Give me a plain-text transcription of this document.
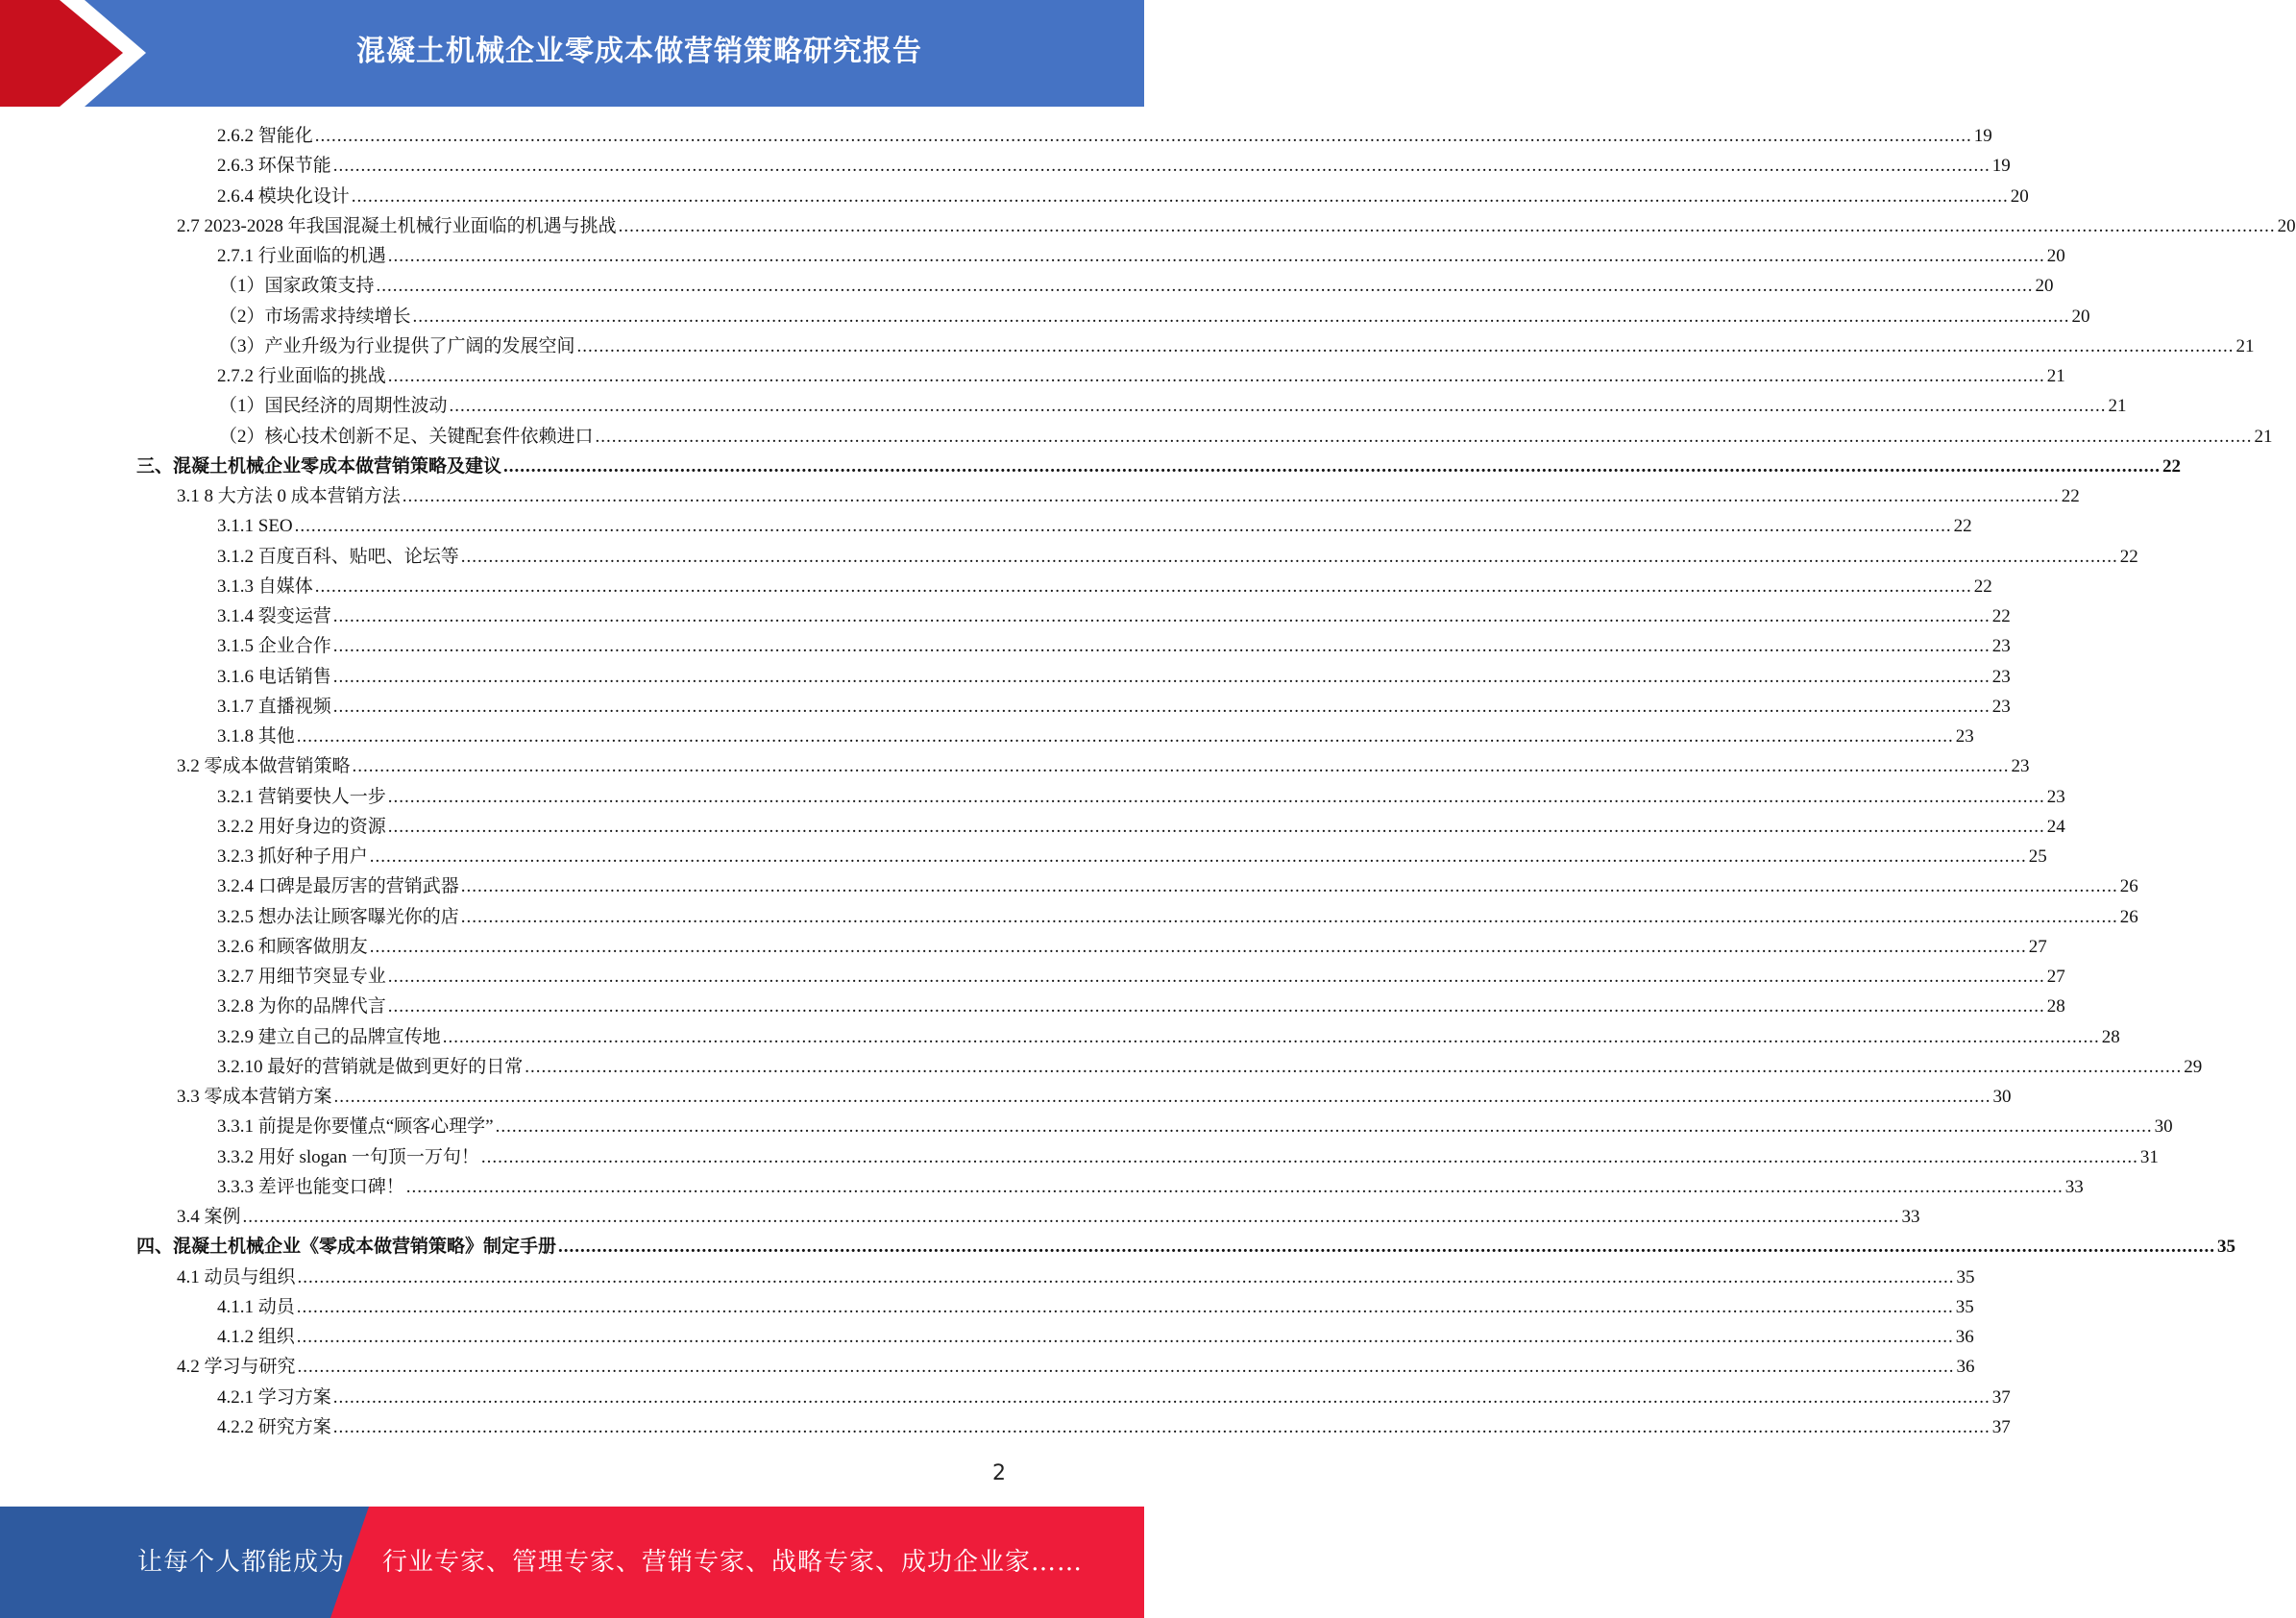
混凝土机械企业零成本做营销策略研究报告
2.6.2 智能化 ............................................................................................................................................................................................................................................................................................................ 19
2.6.3 环保节能 ............................................................................................................................................................................................................................................................................................................ 19
2.6.4 模块化设计 ............................................................................................................................................................................................................................................................................................................ 20
2.7 2023-2028 年我国混凝土机械行业面临的机遇与挑战 ............................................................................................................................................................................................................................................................................................................ 20
2.7.1 行业面临的机遇 ............................................................................................................................................................................................................................................................................................................ 20
（1）国家政策支持 ............................................................................................................................................................................................................................................................................................................ 20
（2）市场需求持续增长 ............................................................................................................................................................................................................................................................................................................ 20
（3）产业升级为行业提供了广阔的发展空间 ............................................................................................................................................................................................................................................................................................................ 21
2.7.2 行业面临的挑战 ............................................................................................................................................................................................................................................................................................................ 21
（1）国民经济的周期性波动 ............................................................................................................................................................................................................................................................................................................ 21
（2）核心技术创新不足、关键配套件依赖进口 ............................................................................................................................................................................................................................................................................................................ 21
三、混凝土机械企业零成本做营销策略及建议 ............................................................................................................................................................................................................................................................................................................ 22
3.1 8 大方法 0 成本营销方法 ............................................................................................................................................................................................................................................................................................................ 22
3.1.1 SEO ............................................................................................................................................................................................................................................................................................................ 22
3.1.2 百度百科、贴吧、论坛等 ............................................................................................................................................................................................................................................................................................................ 22
3.1.3 自媒体 ............................................................................................................................................................................................................................................................................................................ 22
3.1.4 裂变运营 ............................................................................................................................................................................................................................................................................................................ 22
3.1.5 企业合作 ............................................................................................................................................................................................................................................................................................................ 23
3.1.6 电话销售 ............................................................................................................................................................................................................................................................................................................ 23
3.1.7 直播视频 ............................................................................................................................................................................................................................................................................................................ 23
3.1.8 其他 ............................................................................................................................................................................................................................................................................................................ 23
3.2 零成本做营销策略 ............................................................................................................................................................................................................................................................................................................ 23
3.2.1 营销要快人一步 ............................................................................................................................................................................................................................................................................................................ 23
3.2.2 用好身边的资源 ............................................................................................................................................................................................................................................................................................................ 24
3.2.3 抓好种子用户 ............................................................................................................................................................................................................................................................................................................ 25
3.2.4 口碑是最厉害的营销武器 ............................................................................................................................................................................................................................................................................................................ 26
3.2.5 想办法让顾客曝光你的店 ............................................................................................................................................................................................................................................................................................................ 26
3.2.6 和顾客做朋友 ............................................................................................................................................................................................................................................................................................................ 27
3.2.7 用细节突显专业 ............................................................................................................................................................................................................................................................................................................ 27
3.2.8 为你的品牌代言 ............................................................................................................................................................................................................................................................................................................ 28
3.2.9 建立自己的品牌宣传地 ............................................................................................................................................................................................................................................................................................................ 28
3.2.10 最好的营销就是做到更好的日常 ............................................................................................................................................................................................................................................................................................................ 29
3.3 零成本营销方案 ............................................................................................................................................................................................................................................................................................................ 30
3.3.1 前提是你要懂点“顾客心理学” ............................................................................................................................................................................................................................................................................................................ 30
3.3.2 用好 slogan 一句顶一万句！ ............................................................................................................................................................................................................................................................................................................ 31
3.3.3 差评也能变口碑！ ............................................................................................................................................................................................................................................................................................................ 33
3.4 案例 ............................................................................................................................................................................................................................................................................................................ 33
四、混凝土机械企业《零成本做营销策略》制定手册 ............................................................................................................................................................................................................................................................................................................ 35
4.1 动员与组织 ............................................................................................................................................................................................................................................................................................................ 35
4.1.1 动员 ............................................................................................................................................................................................................................................................................................................ 35
4.1.2 组织 ............................................................................................................................................................................................................................................................................................................ 36
4.2 学习与研究 ............................................................................................................................................................................................................................................................................................................ 36
4.2.1 学习方案 ............................................................................................................................................................................................................................................................................................................ 37
4.2.2 研究方案 ............................................................................................................................................................................................................................................................................................................ 37
2
让每个人都能成为 行业专家、管理专家、营销专家、战略专家、成功企业家……
